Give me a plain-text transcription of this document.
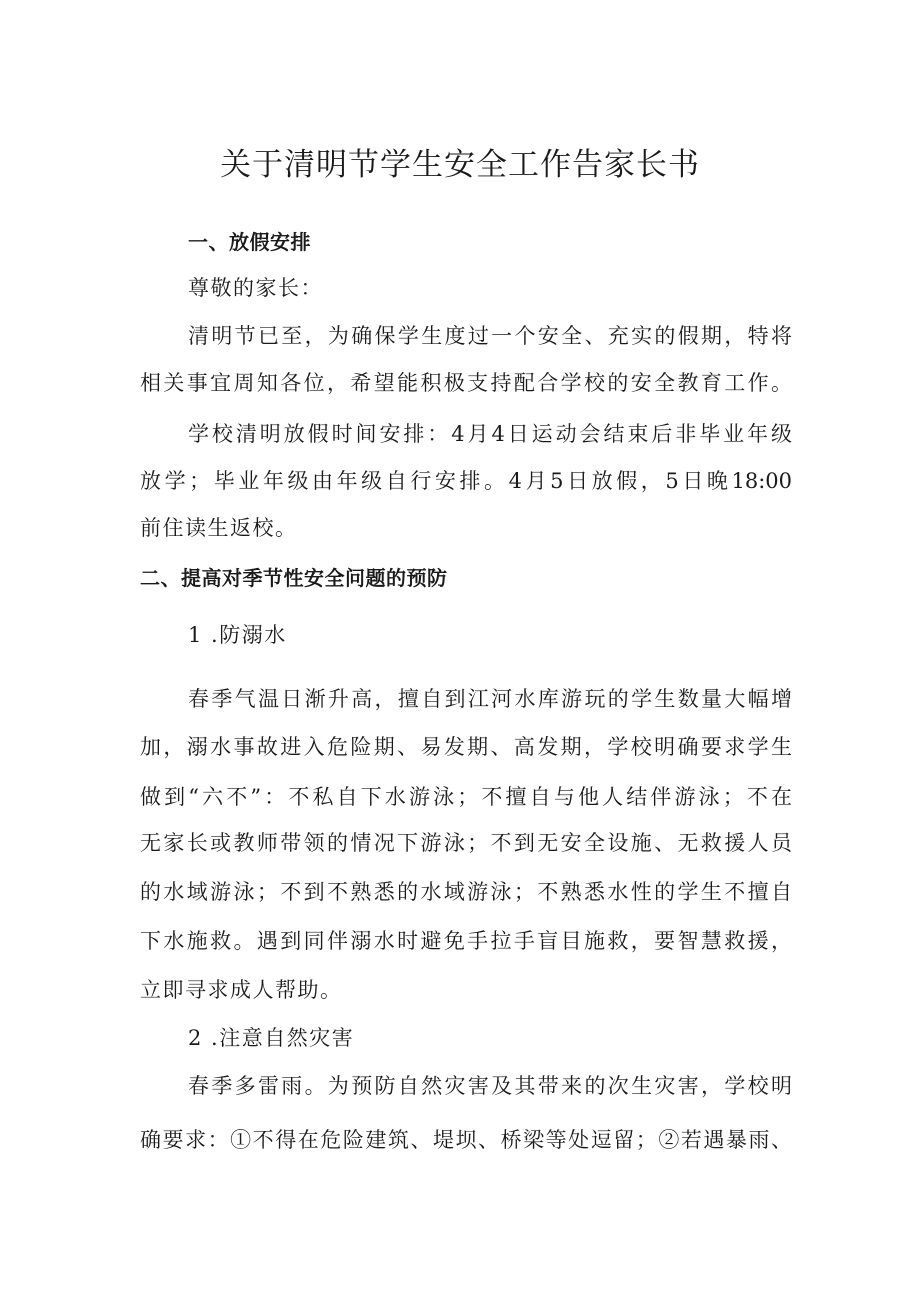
关于清明节学生安全工作告家长书
一、放假安排
尊敬的家长：
清明节已至，为确保学生度过一个安全、充实的假期，特将
相关事宜周知各位，希望能积极支持配合学校的安全教育工作。
学校清明放假时间安排：4月4日运动会结束后非毕业年级
放学；毕业年级由年级自行安排。4月5日放假，5日晚18:00
前住读生返校。
二、提高对季节性安全问题的预防
1 .防溺水
春季气温日渐升高，擅自到江河水库游玩的学生数量大幅增
加，溺水事故进入危险期、易发期、高发期，学校明确要求学生
做到“六不”：不私自下水游泳；不擅自与他人结伴游泳；不在
无家长或教师带领的情况下游泳；不到无安全设施、无救援人员
的水域游泳；不到不熟悉的水域游泳；不熟悉水性的学生不擅自
下水施救。遇到同伴溺水时避免手拉手盲目施救，要智慧救援，
立即寻求成人帮助。
2 .注意自然灾害
春季多雷雨。为预防自然灾害及其带来的次生灾害，学校明
确要求：①不得在危险建筑、堤坝、桥梁等处逗留；②若遇暴雨、
